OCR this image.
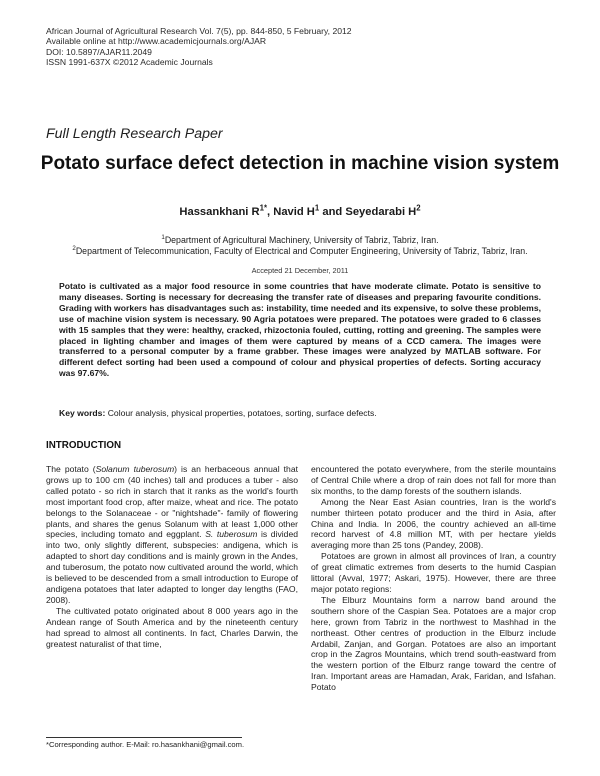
African Journal of Agricultural Research Vol. 7(5), pp. 844-850, 5 February, 2012
Available online at http://www.academicjournals.org/AJAR
DOI: 10.5897/AJAR11.2049
ISSN 1991-637X ©2012 Academic Journals
Full Length Research Paper
Potato surface defect detection in machine vision system
Hassankhani $R^{1*}$, Navid $H^1$ and Seyedarabi $H^2$
$^1$Department of Agricultural Machinery, University of Tabriz, Tabriz, Iran.
$^2$Department of Telecommunication, Faculty of Electrical and Computer Engineering, University of Tabriz, Tabriz, Iran.
Accepted 21 December, 2011
Potato is cultivated as a major food resource in some countries that have moderate climate. Potato is sensitive to many diseases. Sorting is necessary for decreasing the transfer rate of diseases and preparing favourite conditions. Grading with workers has disadvantages such as: instability, time needed and its expensive, to solve these problems, use of machine vision system is necessary. 90 Agria potatoes were prepared. The potatoes were graded to 6 classes with 15 samples that they were: healthy, cracked, rhizoctonia fouled, cutting, rotting and greening. The samples were placed in lighting chamber and images of them were captured by means of a CCD camera. The images were transferred to a personal computer by a frame grabber. These images were analyzed by MATLAB software. For different defect sorting had been used a compound of colour and physical properties of defects. Sorting accuracy was 97.67%.
Key words: Colour analysis, physical properties, potatoes, sorting, surface defects.
INTRODUCTION

The potato (Solanum tuberosum) is an herbaceous annual that grows up to 100 cm (40 inches) tall and produces a tuber - also called potato - so rich in starch that it ranks as the world's fourth most important food crop, after maize, wheat and rice. The potato belongs to the Solanaceae - or "nightshade"- family of flowering plants, and shares the genus Solanum with at least 1,000 other species, including tomato and eggplant. S. tuberosum is divided into two, only slightly different, subspecies: andigena, which is adapted to short day conditions and is mainly grown in the Andes, and tuberosum, the potato now cultivated around the world, which is believed to be descended from a small introduction to Europe of andigena potatoes that later adapted to longer day lengths (FAO, 2008).

The cultivated potato originated about 8 000 years ago in the Andean range of South America and by the nineteenth century had spread to almost all continents. In fact, Charles Darwin, the greatest naturalist of that time,

encountered the potato everywhere, from the sterile mountains of Central Chile where a drop of rain does not fall for more than six months, to the damp forests of the southern islands.

Among the Near East Asian countries, Iran is the world's number thirteen potato producer and the third in Asia, after China and India. In 2006, the country achieved an all-time record harvest of 4.8 million MT, with per hectare yields averaging more than 25 tons (Pandey, 2008).

Potatoes are grown in almost all provinces of Iran, a country of great climatic extremes from deserts to the humid Caspian littoral (Avval, 1977; Askari, 1975). However, there are three major potato regions:

The Elburz Mountains form a narrow band around the southern shore of the Caspian Sea. Potatoes are a major crop here, grown from Tabriz in the northwest to Mashhad in the northeast. Other centres of production in the Elburz include Ardabil, Zanjan, and Gorgan. Potatoes are also an important crop in the Zagros Mountains, which trend south-eastward from the western portion of the Elburz range toward the centre of Iran. Important areas are Hamadan, Arak, Faridan, and Isfahan. Potato

*Corresponding author. E-Mail: ro.hasankhani@gmail.com.
